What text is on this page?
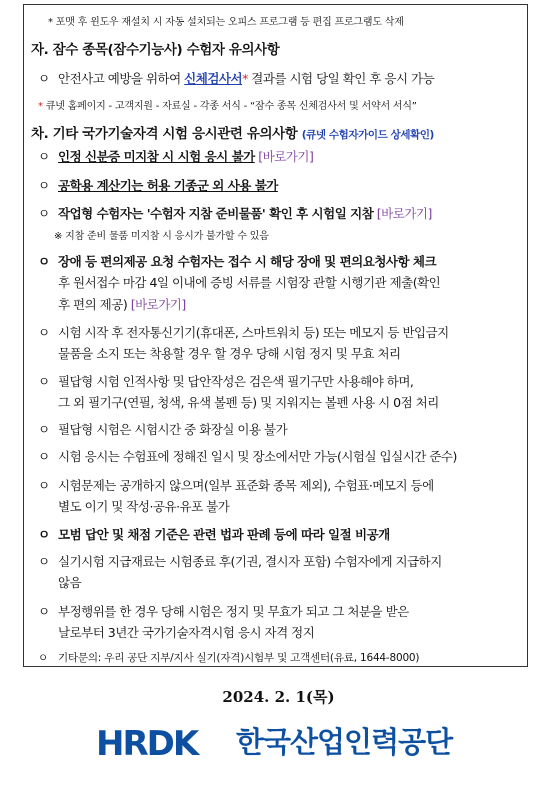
* 포맷 후 윈도우 재설치 시 자동 설치되는 오피스 프로그램 등 편집 프로그램도 삭제
자. 잠수 종목(잠수기능사) 수험자 유의사항
ㅇ 안전사고 예방을 위하여 신체검사서* 결과를 시험 당일 확인 후 응시 가능
* 큐넷 홈페이지 - 고객지원 - 자료실 - 각종 서식 - “잠수 종목 신체검사서 및 서약서 서식”
차. 기타 국가기술자격 시험 응시관련 유의사항 (큐넷 수험자가이드 상세확인)
ㅇ 인정 신분증 미지참 시 시험 응시 불가 [바로가기]
ㅇ 공학용 계산기는 허용 기종군 외 사용 불가
ㅇ 작업형 수험자는 '수험자 지참 준비물품' 확인 후 시험일 지참 [바로가기]
※ 지참 준비 물품 미지참 시 응시가 불가할 수 있음
ㅇ 장애 등 편의제공 요청 수험자는 접수 시 해당 장애 및 편의요청사항 체크
후 원서접수 마감 4일 이내에 증빙 서류를 시험장 관할 시행기관 제출(확인
후 편의 제공) [바로가기]
ㅇ 시험 시작 후 전자통신기기(휴대폰, 스마트워치 등) 또는 메모지 등 반입금지
물품을 소지 또는 착용할 경우 할 경우 당해 시험 정지 및 무효 처리
ㅇ 필답형 시험 인적사항 및 답안작성은 검은색 필기구만 사용해야 하며,
그 외 필기구(연필, 청색, 유색 볼펜 등) 및 지워지는 볼펜 사용 시 0점 처리
ㅇ 필답형 시험은 시험시간 중 화장실 이용 불가
ㅇ 시험 응시는 수험표에 정해진 일시 및 장소에서만 가능(시험실 입실시간 준수)
ㅇ 시험문제는 공개하지 않으며(일부 표준화 종목 제외), 수험표·메모지 등에
별도 이기 및 작성·공유·유포 불가
ㅇ 모범 답안 및 채점 기준은 관련 법과 판례 등에 따라 일절 비공개
ㅇ 실기시험 지급재료는 시험종료 후(기권, 결시자 포함) 수험자에게 지급하지
않음
ㅇ 부정행위를 한 경우 당해 시험은 정지 및 무효가 되고 그 처분을 받은
날로부터 3년간 국가기술자격시험 응시 자격 정지
ㅇ 기타문의: 우리 공단 지부/지사 실기(자격)시험부 및 고객센터(유료, 1644-8000)
2024. 2. 1(목)
HRDK 한국산업인력공단
